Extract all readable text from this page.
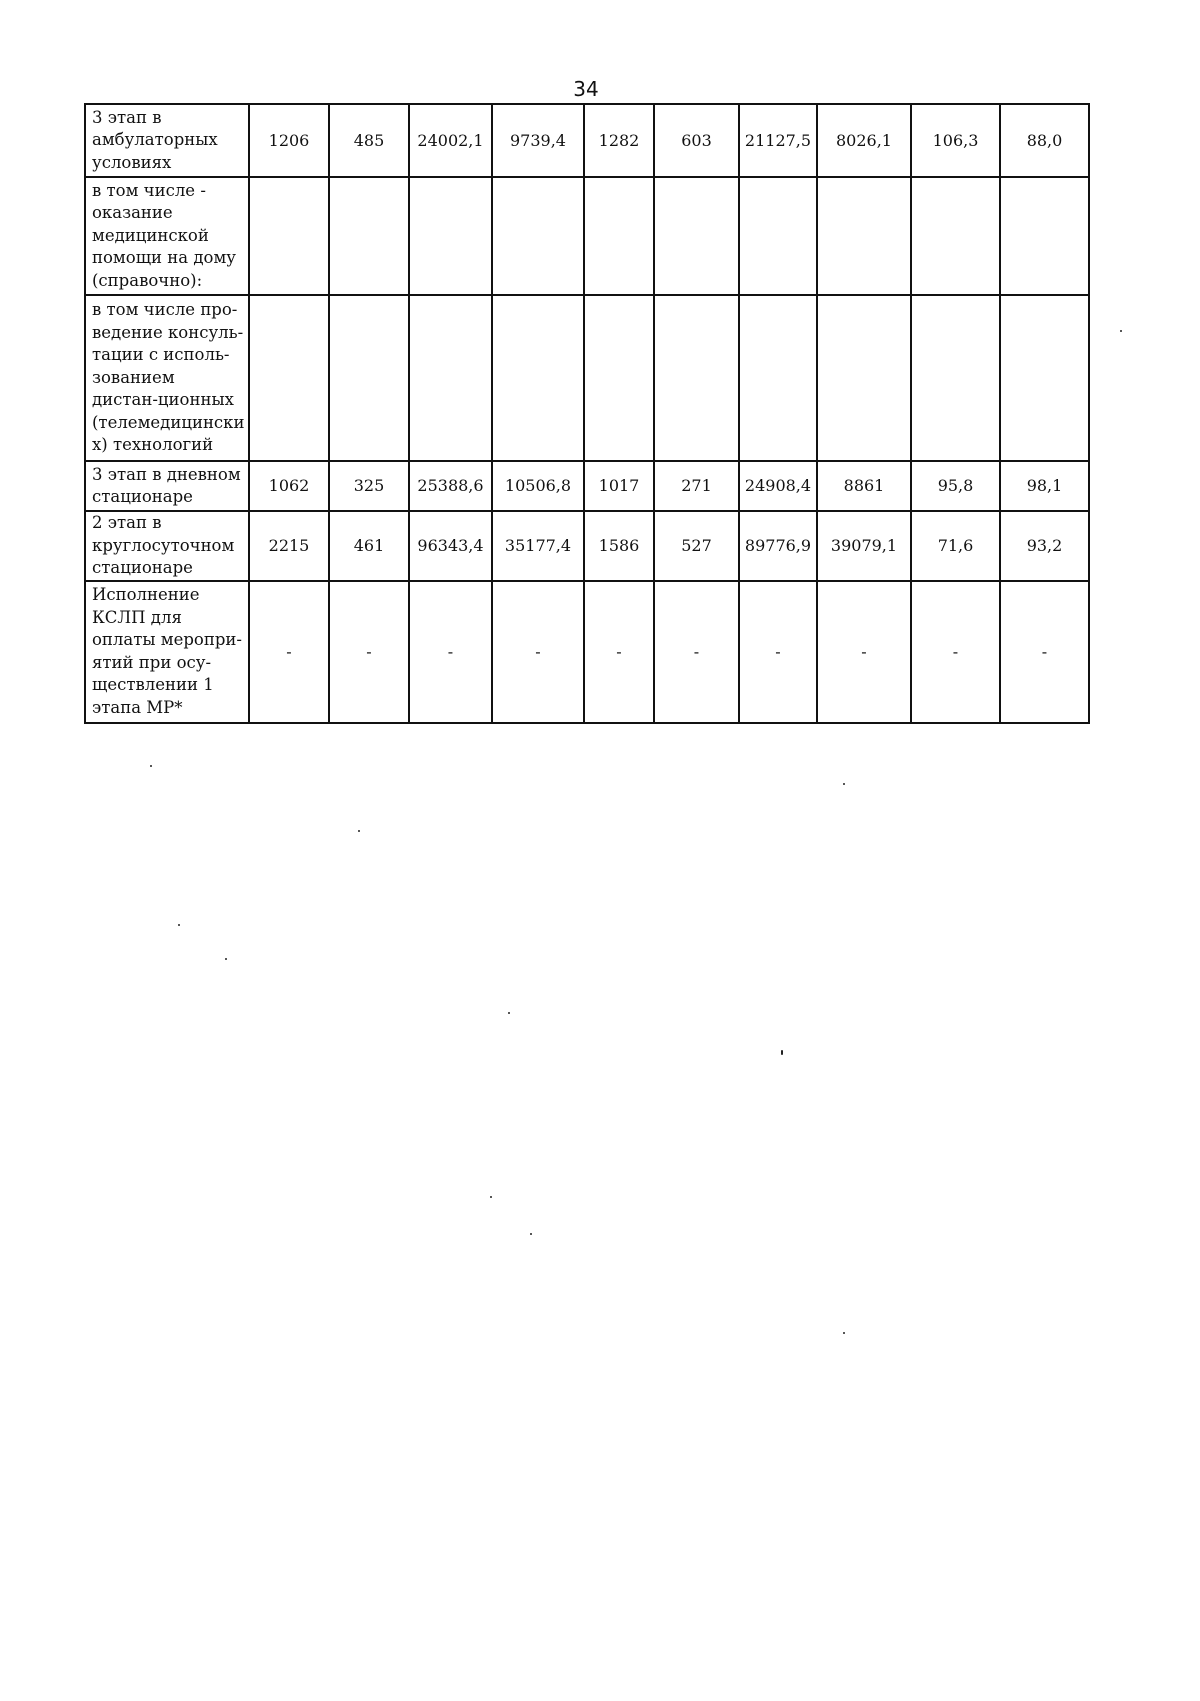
34
3 этап в амбулаторных условиях	1206	485	24002,1	9739,4	1282	603	21127,5	8026,1	106,3	88,0
в том числе - оказание медицинской помощи на дому (справочно):										
в том числе про-ведение консуль-тации с исполь-зованием дистан-ционных (телемедицински х) технологий										
3 этап в дневном стационаре	1062	325	25388,6	10506,8	1017	271	24908,4	8861	95,8	98,1
2 этап в круглосуточном стационаре	2215	461	96343,4	35177,4	1586	527	89776,9	39079,1	71,6	93,2
Исполнение КСЛП для оплаты меропри-ятий при осу-ществлении 1 этапа МР*	-	-	-	-	-	-	-	-	-	-
